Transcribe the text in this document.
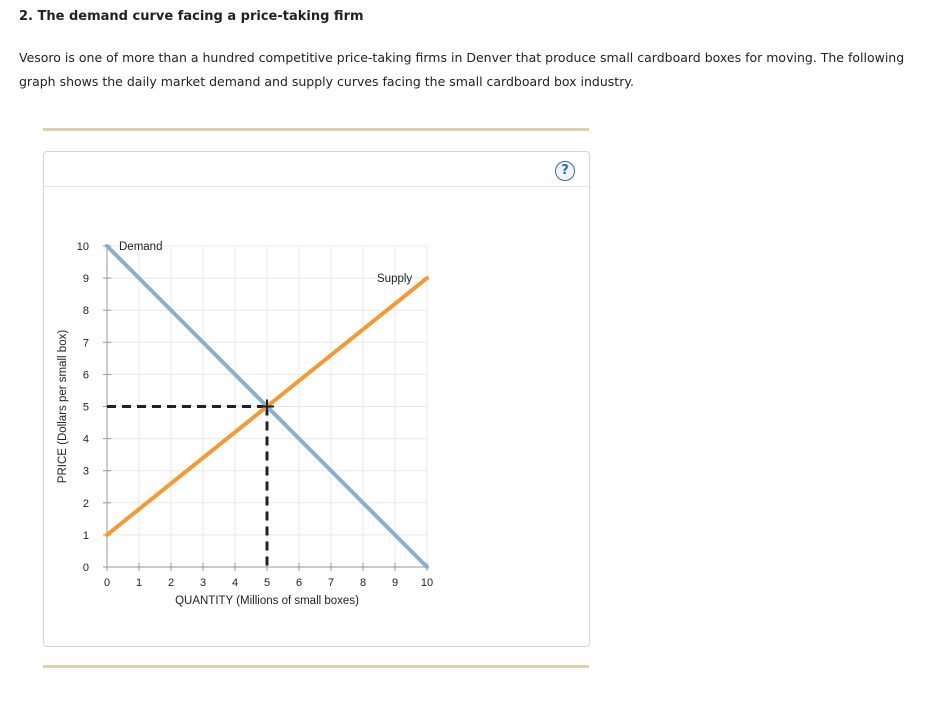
2. The demand curve facing a price-taking firm

Vesoro is one of more than a hundred competitive price-taking firms in Denver that produce small cardboard boxes for moving. The following graph shows the daily market demand and supply curves facing the small cardboard box industry.

?
0
1
2
3
4
5
6
7
8
9
10
0 1 2 3 4 5 6 7 8 9 10
QUANTITY (Millions of small boxes)
PRICE (Dollars per small box)
Demand
Supply
